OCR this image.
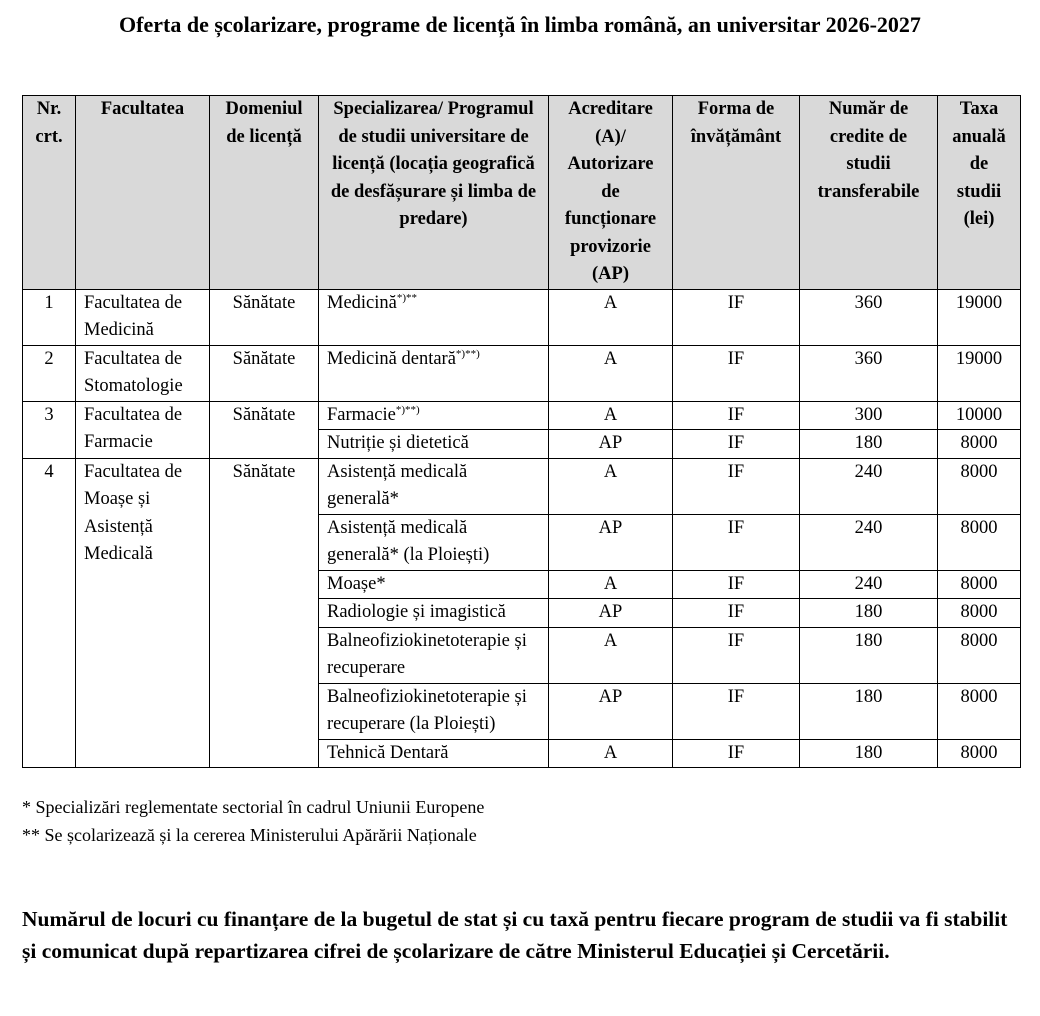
Oferta de școlarizare, programe de licență în limba română, an universitar 2026-2027
Nr. crt.	Facultatea	Domeniul de licență	Specializarea/ Programul de studii universitare de licență (locația geografică de desfășurare și limba de predare)	Acreditare (A)/ Autorizare de funcționare provizorie (AP)	Forma de învățământ	Număr de credite de studii transferabile	Taxa anuală de studii (lei)
1	Facultatea de Medicină	Sănătate	Medicină*)**	A	IF	360	19000
2	Facultatea de Stomatologie	Sănătate	Medicină dentară*)**)	A	IF	360	19000
3	Facultatea de Farmacie	Sănătate	Farmacie*)**)	A	IF	300	10000
			Nutriție și dietetică	AP	IF	180	8000
4	Facultatea de Moașe și Asistență Medicală	Sănătate	Asistență medicală generală*	A	IF	240	8000
			Asistență medicală generală* (la Ploiești)	AP	IF	240	8000
			Moașe*	A	IF	240	8000
			Radiologie și imagistică	AP	IF	180	8000
			Balneofiziokinetoterapie și recuperare	A	IF	180	8000
			Balneofiziokinetoterapie și recuperare (la Ploiești)	AP	IF	180	8000
			Tehnică Dentară	A	IF	180	8000
* Specializări reglementate sectorial în cadrul Uniunii Europene
** Se școlarizează și la cererea Ministerului Apărării Naționale
Numărul de locuri cu finanțare de la bugetul de stat și cu taxă pentru fiecare program de studii va fi stabilit și comunicat după repartizarea cifrei de școlarizare de către Ministerul Educației și Cercetării.
